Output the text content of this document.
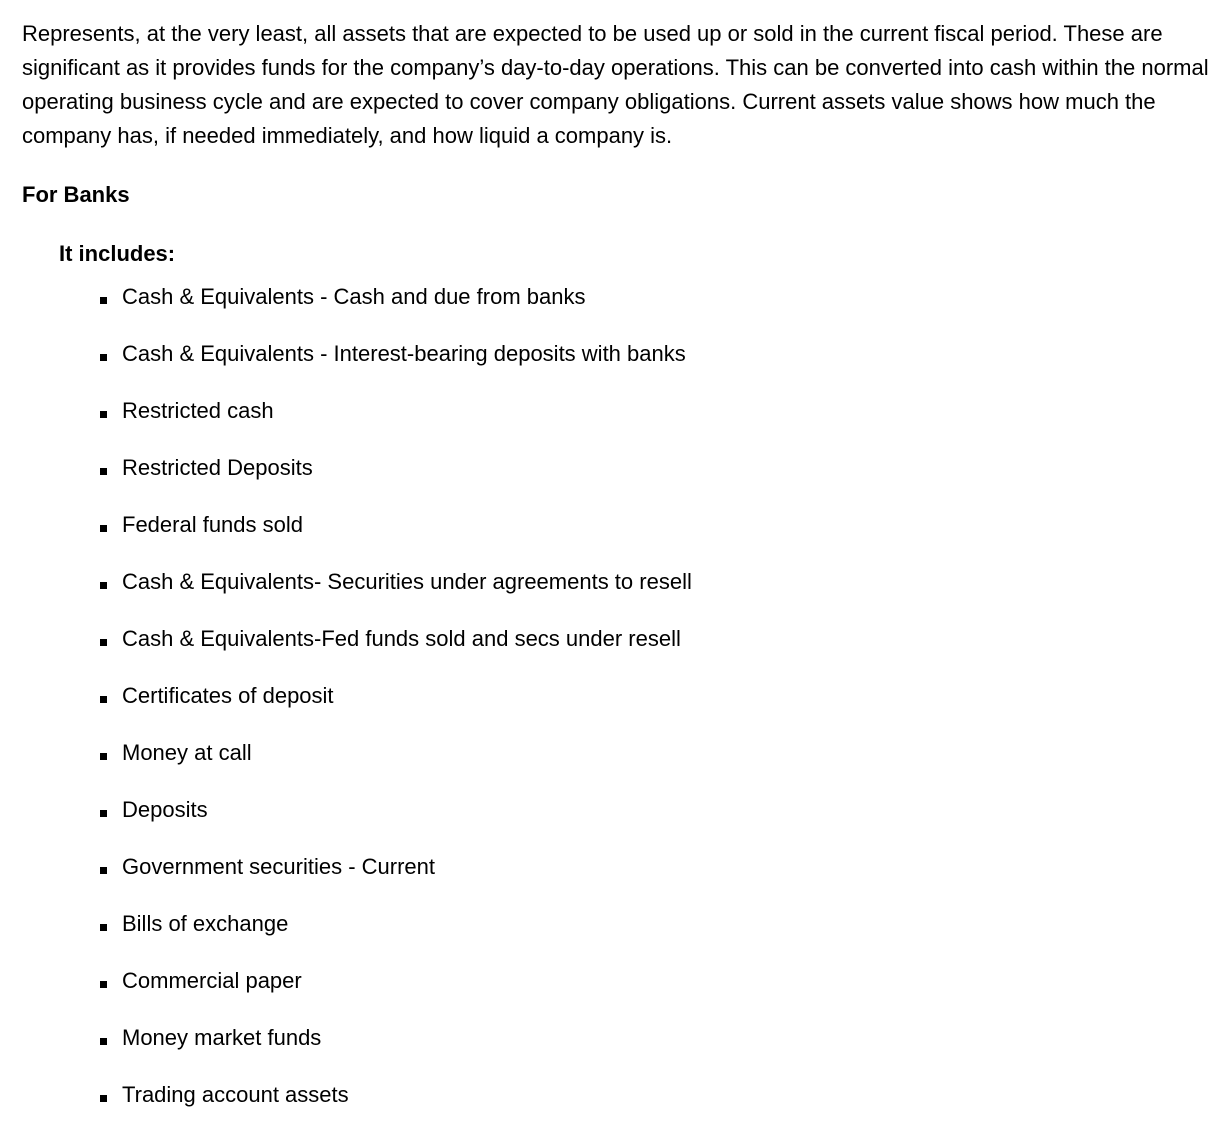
Represents, at the very least, all assets that are expected to be used up or sold in the current fiscal period. These are significant as it provides funds for the company’s day-to-day operations. This can be converted into cash within the normal operating business cycle and are expected to cover company obligations. Current assets value shows how much the company has, if needed immediately, and how liquid a company is.

For Banks
It includes:
Cash & Equivalents - Cash and due from banks
Cash & Equivalents - Interest-bearing deposits with banks
Restricted cash
Restricted Deposits
Federal funds sold
Cash & Equivalents- Securities under agreements to resell
Cash & Equivalents-Fed funds sold and secs under resell
Certificates of deposit
Money at call
Deposits
Government securities - Current
Bills of exchange
Commercial paper
Money market funds
Trading account assets
